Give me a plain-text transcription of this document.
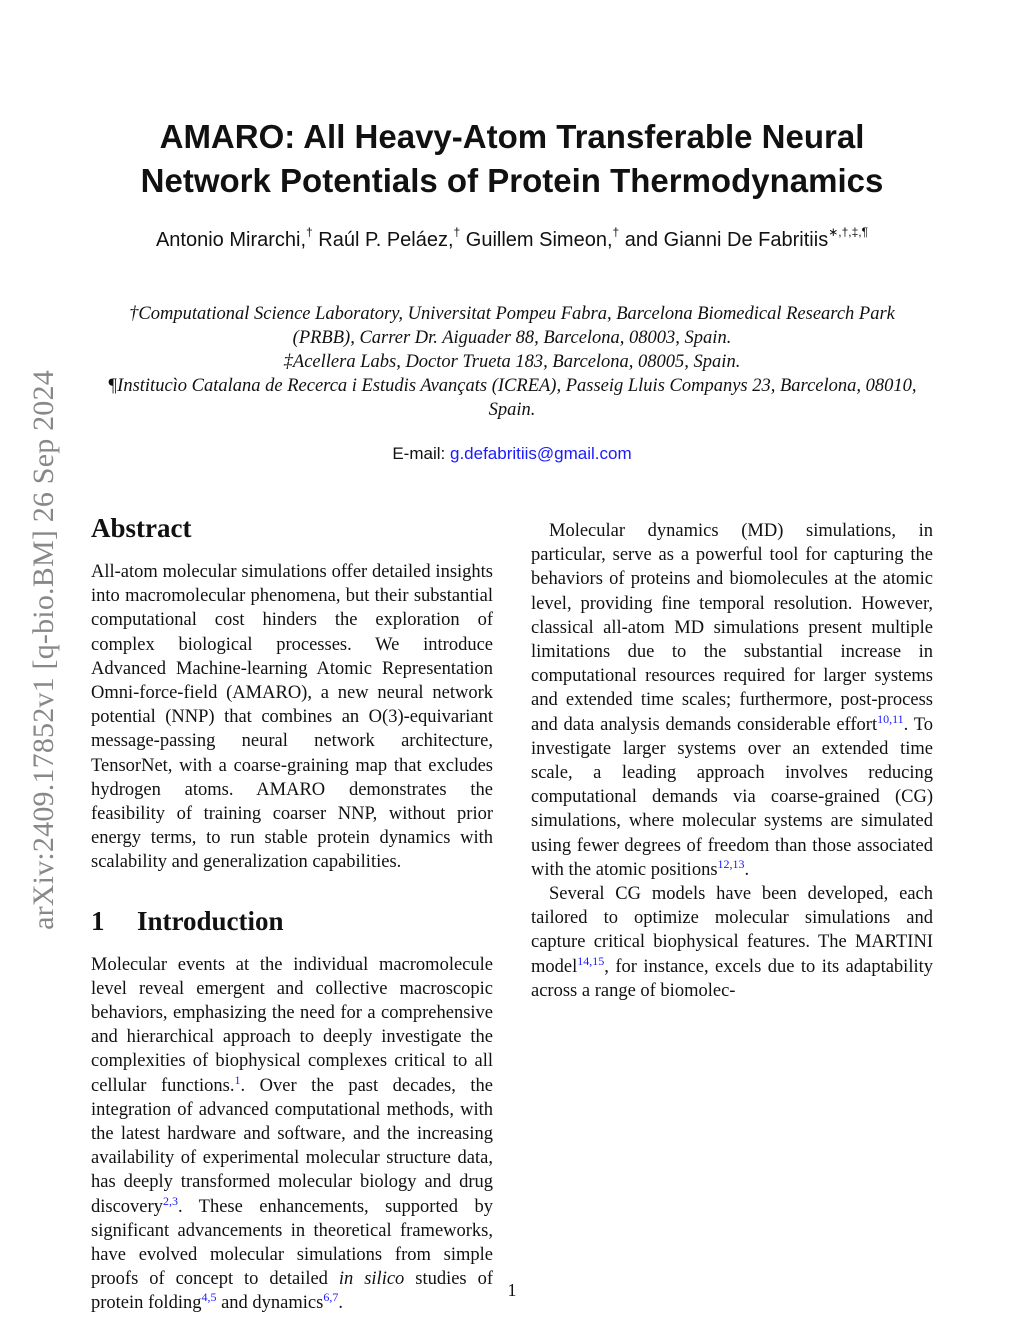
arXiv:2409.17852v1 [q-bio.BM] 26 Sep 2024
AMARO: All Heavy-Atom Transferable Neural
Network Potentials of Protein Thermodynamics
Antonio Mirarchi,† Raúl P. Peláez,† Guillem Simeon,† and Gianni De Fabritiis∗,†,‡,¶
†Computational Science Laboratory, Universitat Pompeu Fabra, Barcelona Biomedical Research Park (PRBB), Carrer Dr. Aiguader 88, Barcelona, 08003, Spain.
‡Acellera Labs, Doctor Trueta 183, Barcelona, 08005, Spain.
¶Institucìo Catalana de Recerca i Estudis Avançats (ICREA), Passeig Lluis Companys 23, Barcelona, 08010, Spain.
E-mail: g.defabritiis@gmail.com
Abstract

All-atom molecular simulations offer detailed insights into macromolecular phenomena, but their substantial computational cost hinders the exploration of complex biological processes. We introduce Advanced Machine-learning Atomic Representation Omni-force-field (AMARO), a new neural network potential (NNP) that combines an O(3)-equivariant message-passing neural network architecture, TensorNet, with a coarse-graining map that excludes hydrogen atoms. AMARO demonstrates the feasibility of training coarser NNP, without prior energy terms, to run stable protein dynamics with scalability and generalization capabilities.

1 Introduction

Molecular events at the individual macromolecule level reveal emergent and collective macroscopic behaviors, emphasizing the need for a comprehensive and hierarchical approach to deeply investigate the complexities of biophysical complexes critical to all cellular functions.$^1$. Over the past decades, the integration of advanced computational methods, with the latest hardware and software, and the increasing availability of experimental molecular structure data, has deeply transformed molecular biology and drug discovery$^{2,3}$. These enhancements, supported by significant advancements in theoretical frameworks, have evolved molecular simulations from simple proofs of concept to detailed in silico studies of protein folding$^{4,5}$ and dynamics$^{6,7}$.

Molecular dynamics (MD) simulations, in particular, serve as a powerful tool for capturing the behaviors of proteins and biomolecules at the atomic level, providing fine temporal resolution. However, classical all-atom MD simulations present multiple limitations due to the substantial increase in computational resources required for larger systems and extended time scales; furthermore, post-process and data analysis demands considerable effort$^{10,11}$. To investigate larger systems over an extended time scale, a leading approach involves reducing computational demands via coarse-grained (CG) simulations, where molecular systems are simulated using fewer degrees of freedom than those associated with the atomic positions$^{12,13}$.

Several CG models have been developed, each tailored to optimize molecular simulations and capture critical biophysical features. The MARTINI model$^{14,15}$, for instance, excels due to its adaptability across a range of biomolec-

1
